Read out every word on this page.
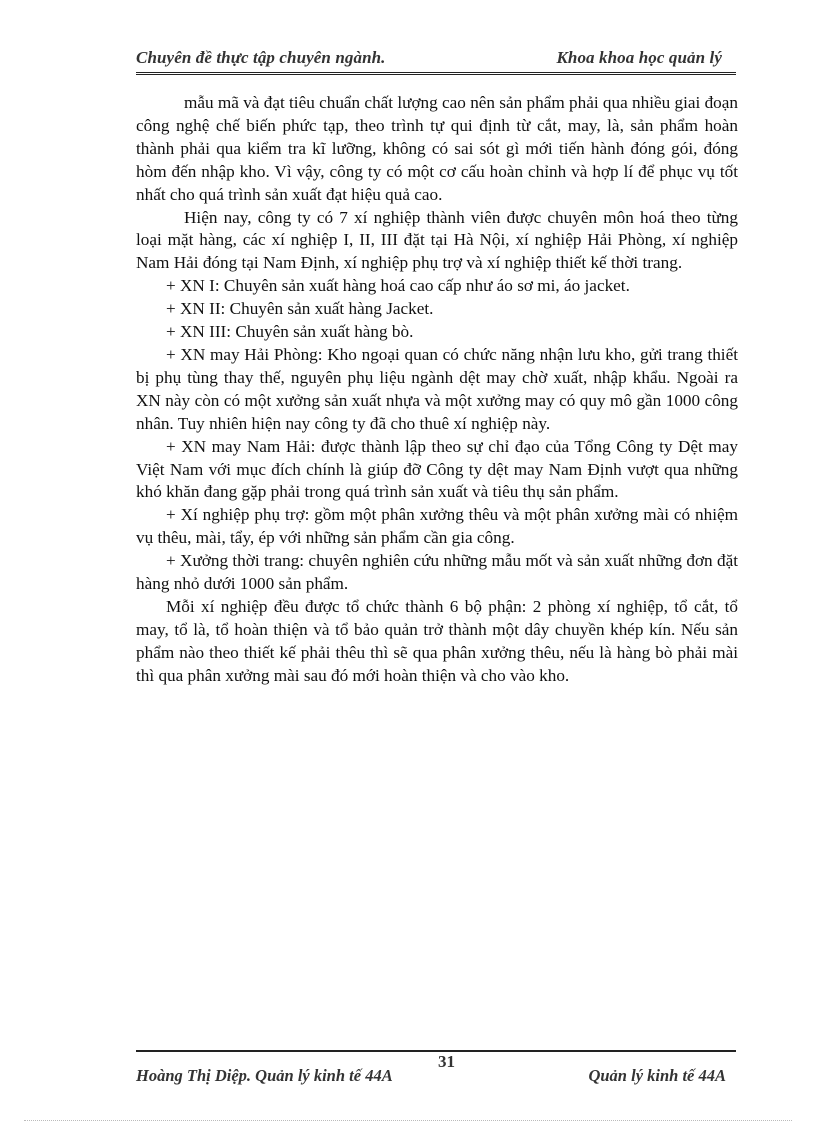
Chuyên đề thực tập chuyên ngành.	Khoa khoa học quản lý

mẫu mã và đạt tiêu chuẩn chất lượng cao nên sản phẩm phải qua nhiều giai đoạn công nghệ chế biến phức tạp, theo trình tự qui định từ cắt, may, là, sản phẩm hoàn thành phải qua kiểm tra kĩ lưỡng, không có sai sót gì mới tiến hành đóng gói, đóng hòm đến nhập kho. Vì vậy, công ty có một cơ cấu hoàn chỉnh và hợp lí để phục vụ tốt nhất cho quá trình sản xuất đạt hiệu quả cao.

Hiện nay, công ty có 7 xí nghiệp thành viên được chuyên môn hoá theo từng loại mặt hàng, các xí nghiệp I, II, III đặt tại Hà Nội, xí nghiệp Hải Phòng, xí nghiệp Nam Hải đóng tại Nam Định, xí nghiệp phụ trợ và xí nghiệp thiết kế thời trang.

+ XN I: Chuyên sản xuất hàng hoá cao cấp như áo sơ mi, áo jacket.

+ XN II: Chuyên sản xuất hàng Jacket.

+ XN III: Chuyên sản xuất hàng bò.

+ XN may Hải Phòng: Kho ngoại quan có chức năng nhận lưu kho, gửi trang thiết bị phụ tùng thay thế, nguyên phụ liệu ngành dệt may chờ xuất, nhập khẩu. Ngoài ra XN này còn có một xưởng sản xuất nhựa và một xưởng may có quy mô gần 1000 công nhân. Tuy nhiên hiện nay công ty đã cho thuê xí nghiệp này.

+ XN may Nam Hải: được thành lập theo sự chỉ đạo của Tổng Công ty Dệt may Việt Nam với mục đích chính là giúp đỡ Công ty dệt may Nam Định vượt qua những khó khăn đang gặp phải trong quá trình sản xuất và tiêu thụ sản phẩm.

+ Xí nghiệp phụ trợ: gồm một phân xưởng thêu và một phân xưởng mài có nhiệm vụ thêu, mài, tẩy, ép với những sản phẩm cần gia công.

+ Xưởng thời trang: chuyên nghiên cứu những mẫu mốt và sản xuất những đơn đặt hàng nhỏ dưới 1000 sản phẩm.

Mỗi xí nghiệp đều được tổ chức thành 6 bộ phận: 2 phòng xí nghiệp, tổ cắt, tổ may, tổ là, tổ hoàn thiện và tổ bảo quản trở thành một dây chuyền khép kín. Nếu sản phẩm nào theo thiết kế phải thêu thì sẽ qua phân xưởng thêu, nếu là hàng bò phải mài thì qua phân xưởng mài sau đó mới hoàn thiện và cho vào kho.

Hoàng Thị Diệp. Quản lý kinh tế 44A
31
Quản lý kinh tế 44A
